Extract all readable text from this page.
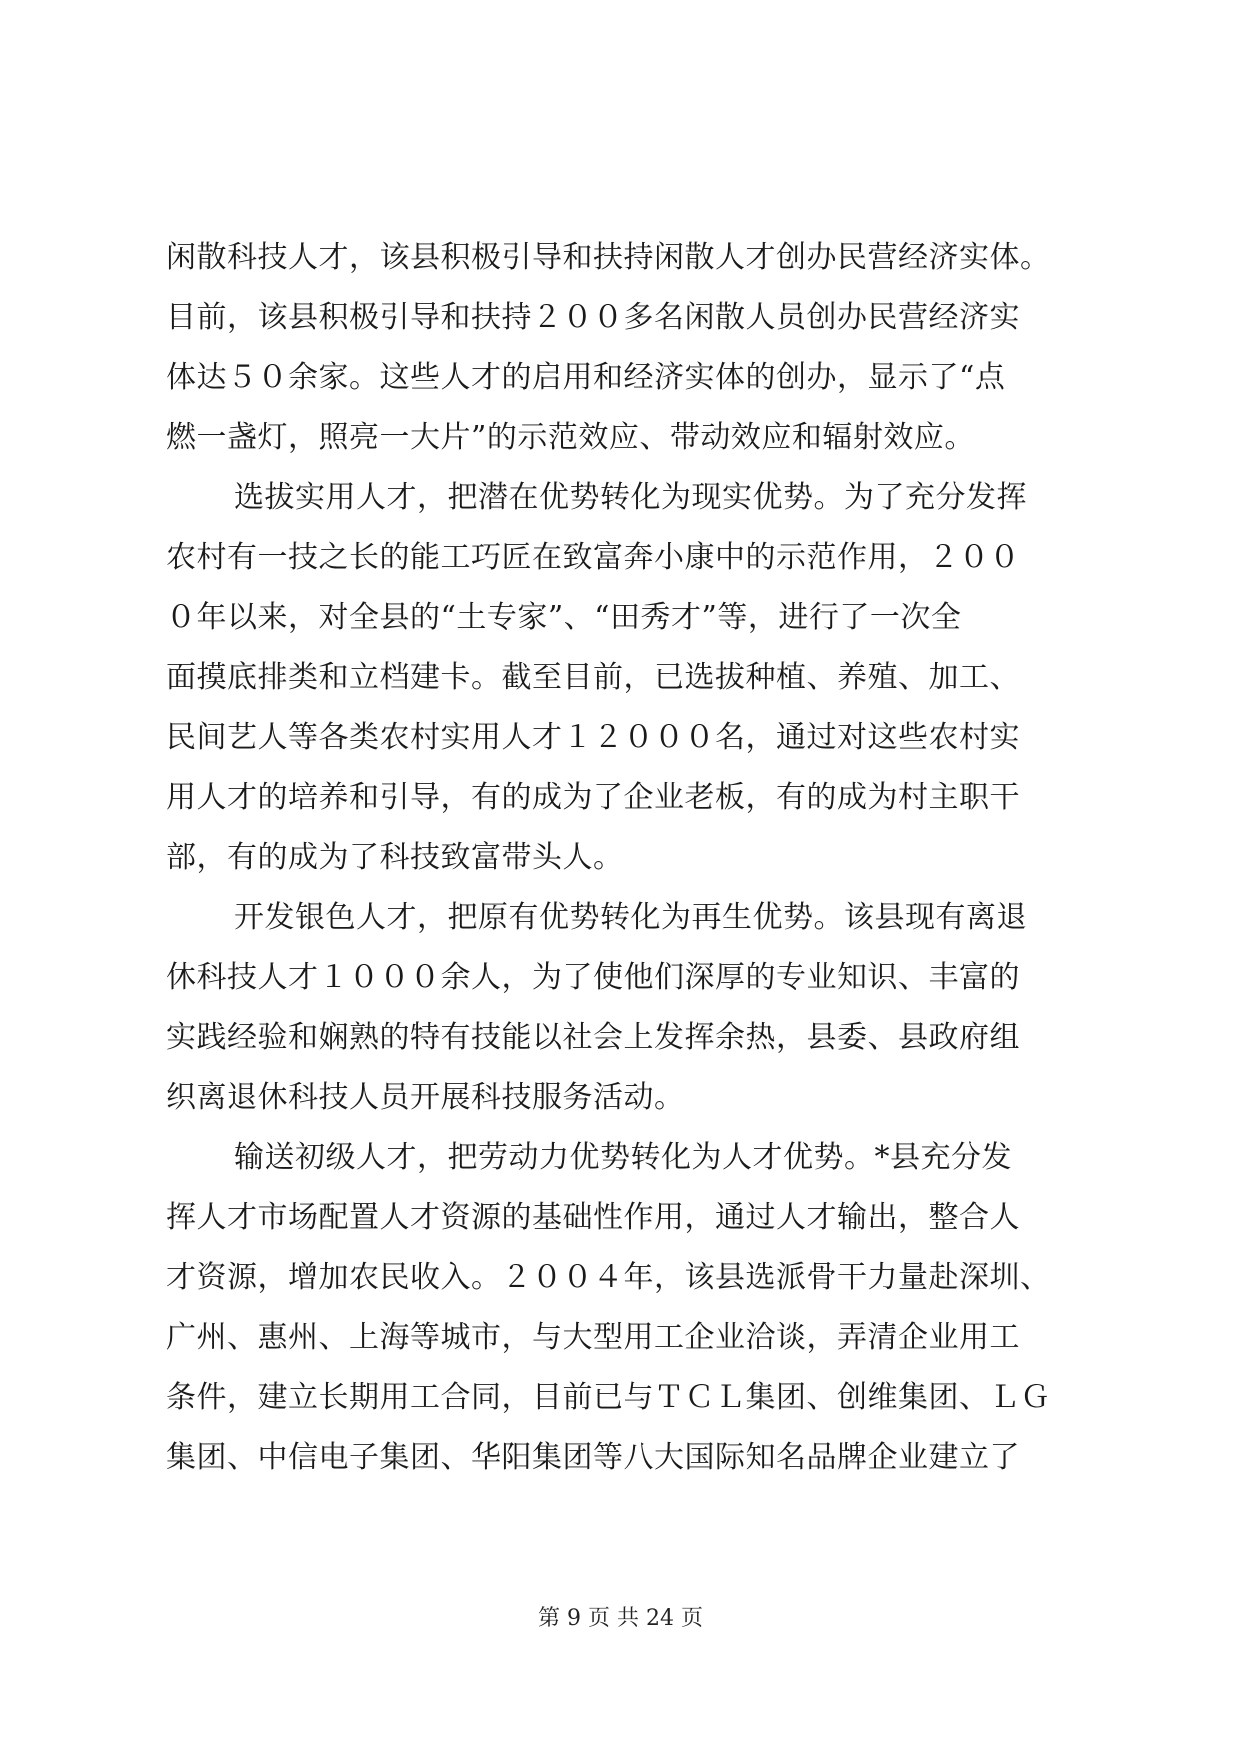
闲散科技人才，该县积极引导和扶持闲散人才创办民营经济实体。
目前，该县积极引导和扶持２００多名闲散人员创办民营经济实
体达５０余家。这些人才的启用和经济实体的创办，显示了“点
燃一盏灯，照亮一大片”的示范效应、带动效应和辐射效应。
选拔实用人才，把潜在优势转化为现实优势。为了充分发挥
农村有一技之长的能工巧匠在致富奔小康中的示范作用，２００
０年以来，对全县的“土专家”、“田秀才”等，进行了一次全
面摸底排类和立档建卡。截至目前，已选拔种植、养殖、加工、
民间艺人等各类农村实用人才１２０００名，通过对这些农村实
用人才的培养和引导，有的成为了企业老板，有的成为村主职干
部，有的成为了科技致富带头人。
开发银色人才，把原有优势转化为再生优势。该县现有离退
休科技人才１０００余人，为了使他们深厚的专业知识、丰富的
实践经验和娴熟的特有技能以社会上发挥余热，县委、县政府组
织离退休科技人员开展科技服务活动。
输送初级人才，把劳动力优势转化为人才优势。*县充分发
挥人才市场配置人才资源的基础性作用，通过人才输出，整合人
才资源，增加农民收入。２００４年，该县选派骨干力量赴深圳、
广州、惠州、上海等城市，与大型用工企业洽谈，弄清企业用工
条件，建立长期用工合同，目前已与ＴＣＬ集团、创维集团、ＬＧ
集团、中信电子集团、华阳集团等八大国际知名品牌企业建立了
第 9 页 共 24 页
